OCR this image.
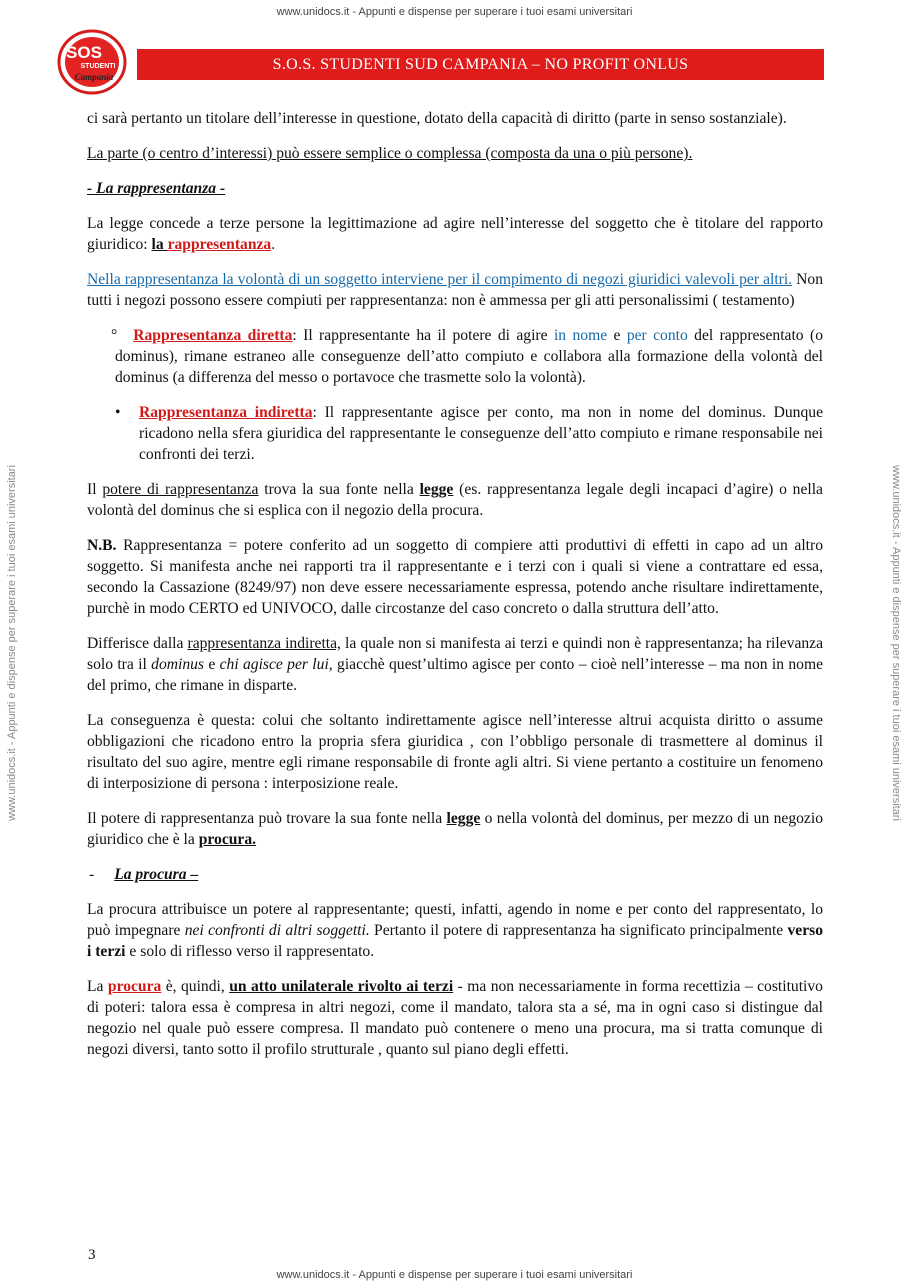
www.unidocs.it - Appunti e dispense per superare i tuoi esami universitari
www.unidocs.it - Appunti e dispense per superare i tuoi esami universitari	www.unidocs.it - Appunti e dispense per superare i tuoi esami universitari
SOS
STUDENTI
Campania
S.O.S. STUDENTI SUD CAMPANIA – NO PROFIT ONLUS

ci sarà pertanto un titolare dell’interesse in questione, dotato della capacità di diritto (parte in senso sostanziale).

La parte (o centro d’interessi) può essere semplice o complessa (composta da una o più persone).

- La rappresentanza -

La legge concede a terze persone la legittimazione ad agire nell’interesse del soggetto che è titolare del rapporto giuridico: la rappresentanza.

Nella rappresentanza la volontà di un soggetto interviene per il compimento di negozi giuridici valevoli per altri. Non tutti i negozi possono essere compiuti per rappresentanza: non è ammessa per gli atti personalissimi ( testamento)

° Rappresentanza diretta: Il rappresentante ha il potere di agire in nome e per conto del rappresentato (o dominus), rimane estraneo alle conseguenze dell’atto compiuto e collabora alla formazione della volontà del dominus (a differenza del messo o portavoce che trasmette solo la volontà).

• Rappresentanza indiretta: Il rappresentante agisce per conto, ma non in nome del dominus. Dunque ricadono nella sfera giuridica del rappresentante le conseguenze dell’atto compiuto e rimane responsabile nei confronti dei terzi.

Il potere di rappresentanza trova la sua fonte nella legge (es. rappresentanza legale degli incapaci d’agire) o nella volontà del dominus che si esplica con il negozio della procura.

N.B. Rappresentanza = potere conferito ad un soggetto di compiere atti produttivi di effetti in capo ad un altro soggetto. Si manifesta anche nei rapporti tra il rappresentante e i terzi con i quali si viene a contrattare ed essa, secondo la Cassazione (8249/97) non deve essere necessariamente espressa, potendo anche risultare indirettamente, purchè in modo CERTO ed UNIVOCO, dalle circostanze del caso concreto o dalla struttura dell’atto.

Differisce dalla rappresentanza indiretta, la quale non si manifesta ai terzi e quindi non è rappresentanza; ha rilevanza solo tra il dominus e chi agisce per lui, giacchè quest’ultimo agisce per conto – cioè nell’interesse – ma non in nome del primo, che rimane in disparte.

La conseguenza è questa: colui che soltanto indirettamente agisce nell’interesse altrui acquista diritto o assume obbligazioni che ricadono entro la propria sfera giuridica , con l’obbligo personale di trasmettere al dominus il risultato del suo agire, mentre egli rimane responsabile di fronte agli altri. Si viene pertanto a costituire un fenomeno di interposizione di persona : interposizione reale.

Il potere di rappresentanza può trovare la sua fonte nella legge o nella volontà del dominus, per mezzo di un negozio giuridico che è la procura.

- La procura –

La procura attribuisce un potere al rappresentante; questi, infatti, agendo in nome e per conto del rappresentato, lo può impegnare nei confronti di altri soggetti. Pertanto il potere di rappresentanza ha significato principalmente verso i terzi e solo di riflesso verso il rappresentato.

La procura è, quindi, un atto unilaterale rivolto ai terzi - ma non necessariamente in forma recettizia – costitutivo di poteri: talora essa è compresa in altri negozi, come il mandato, talora sta a sé, ma in ogni caso si distingue dal negozio nel quale può essere compresa. Il mandato può contenere o meno una procura, ma si tratta comunque di negozi diversi, tanto sotto il profilo strutturale , quanto sul piano degli effetti.

3
www.unidocs.it - Appunti e dispense per superare i tuoi esami universitari
